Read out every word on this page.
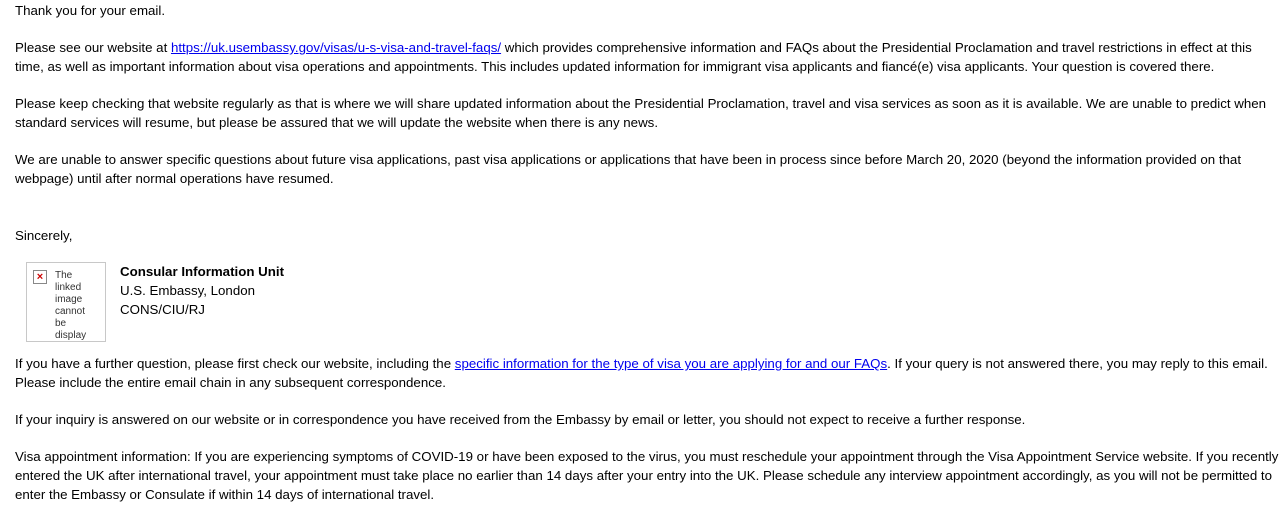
Thank you for your email.

Please see our website at https://uk.usembassy.gov/visas/u-s-visa-and-travel-faqs/ which provides comprehensive information and FAQs about the Presidential Proclamation and travel restrictions in effect at this time, as well as important information about visa operations and appointments. This includes updated information for immigrant visa applicants and fiancé(e) visa applicants. Your question is covered there.

Please keep checking that website regularly as that is where we will share updated information about the Presidential Proclamation, travel and visa services as soon as it is available. We are unable to predict when standard services will resume, but please be assured that we will update the website when there is any news.

We are unable to answer specific questions about future visa applications, past visa applications or applications that have been in process since before March 20, 2020 (beyond the information provided on that webpage) until after normal operations have resumed.

Sincerely,

×	The linked image cannot be display
Consular Information Unit
U.S. Embassy, London
CONS/CIU/RJ

If you have a further question, please first check our website, including the specific information for the type of visa you are applying for and our FAQs. If your query is not answered there, you may reply to this email. Please include the entire email chain in any subsequent correspondence.

If your inquiry is answered on our website or in correspondence you have received from the Embassy by email or letter, you should not expect to receive a further response.

Visa appointment information: If you are experiencing symptoms of COVID-19 or have been exposed to the virus, you must reschedule your appointment through the Visa Appointment Service website. If you recently entered the UK after international travel, your appointment must take place no earlier than 14 days after your entry into the UK. Please schedule any interview appointment accordingly, as you will not be permitted to enter the Embassy or Consulate if within 14 days of international travel.
